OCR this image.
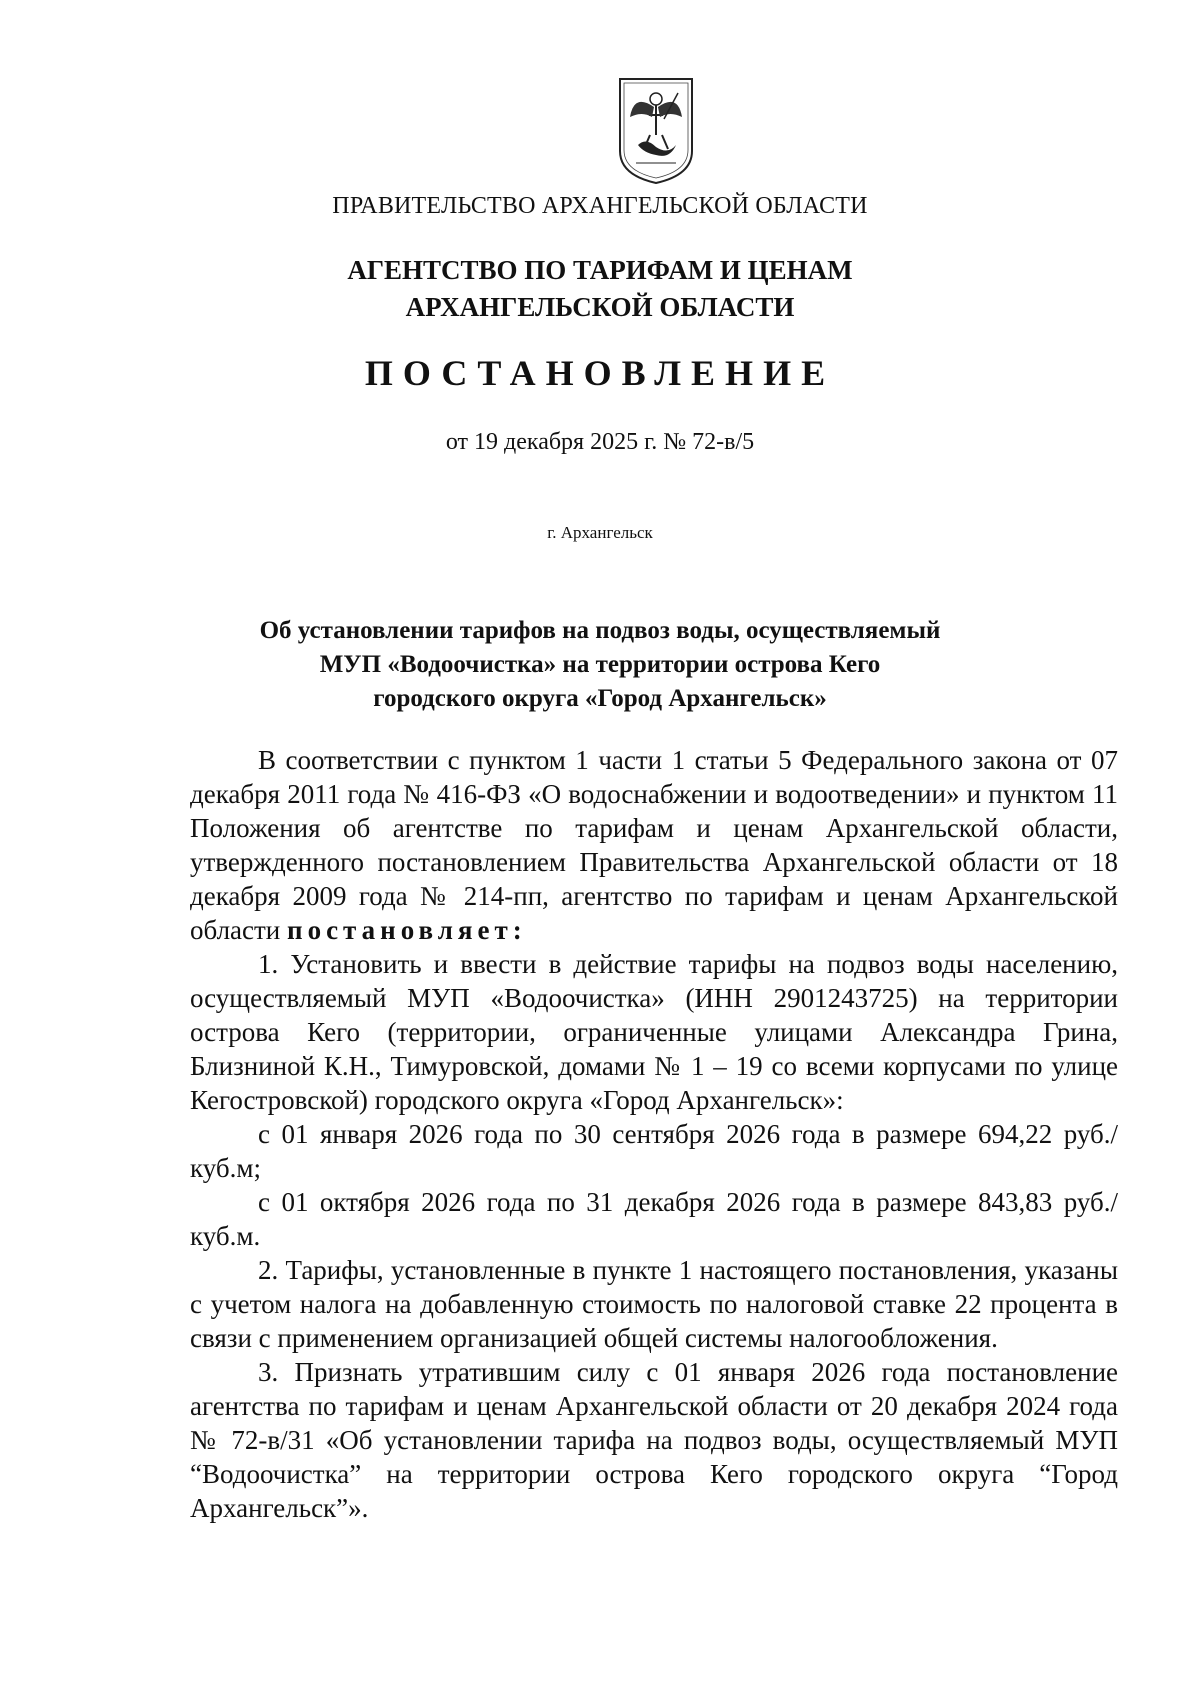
ПРАВИТЕЛЬСТВО АРХАНГЕЛЬСКОЙ ОБЛАСТИ
АГЕНТСТВО ПО ТАРИФАМ И ЦЕНАМ
АРХАНГЕЛЬСКОЙ ОБЛАСТИ
ПОСТАНОВЛЕНИЕ
от 19 декабря 2025 г. № 72-в/5
г. Архангельск
Об установлении тарифов на подвоз воды, осуществляемый
МУП «Водоочистка» на территории острова Кего
городского округа «Город Архангельск»

В соответствии с пунктом 1 части 1 статьи 5 Федерального закона от 07 декабря 2011 года № 416-ФЗ «О водоснабжении и водоотведении» и пунктом 11 Положения об агентстве по тарифам и ценам Архангельской области, утвержденного постановлением Правительства Архангельской области от 18 декабря 2009 года № 214-пп, агентство по тарифам и ценам Архангельской области постановляет:

1. Установить и ввести в действие тарифы на подвоз воды населению, осуществляемый МУП «Водоочистка» (ИНН 2901243725) на территории острова Кего (территории, ограниченные улицами Александра Грина, Близниной К.Н., Тимуровской, домами № 1 – 19 со всеми корпусами по улице Кегостровской) городского округа «Город Архангельск»:

с 01 января 2026 года по 30 сентября 2026 года в размере 694,22 руб./куб.м;

с 01 октября 2026 года по 31 декабря 2026 года в размере 843,83 руб./куб.м.

2. Тарифы, установленные в пункте 1 настоящего постановления, указаны с учетом налога на добавленную стоимость по налоговой ставке 22 процента в связи с применением организацией общей системы налогообложения.

3. Признать утратившим силу с 01 января 2026 года постановление агентства по тарифам и ценам Архангельской области от 20 декабря 2024 года № 72-в/31 «Об установлении тарифа на подвоз воды, осуществляемый МУП “Водоочистка” на территории острова Кего городского округа “Город Архангельск”».
